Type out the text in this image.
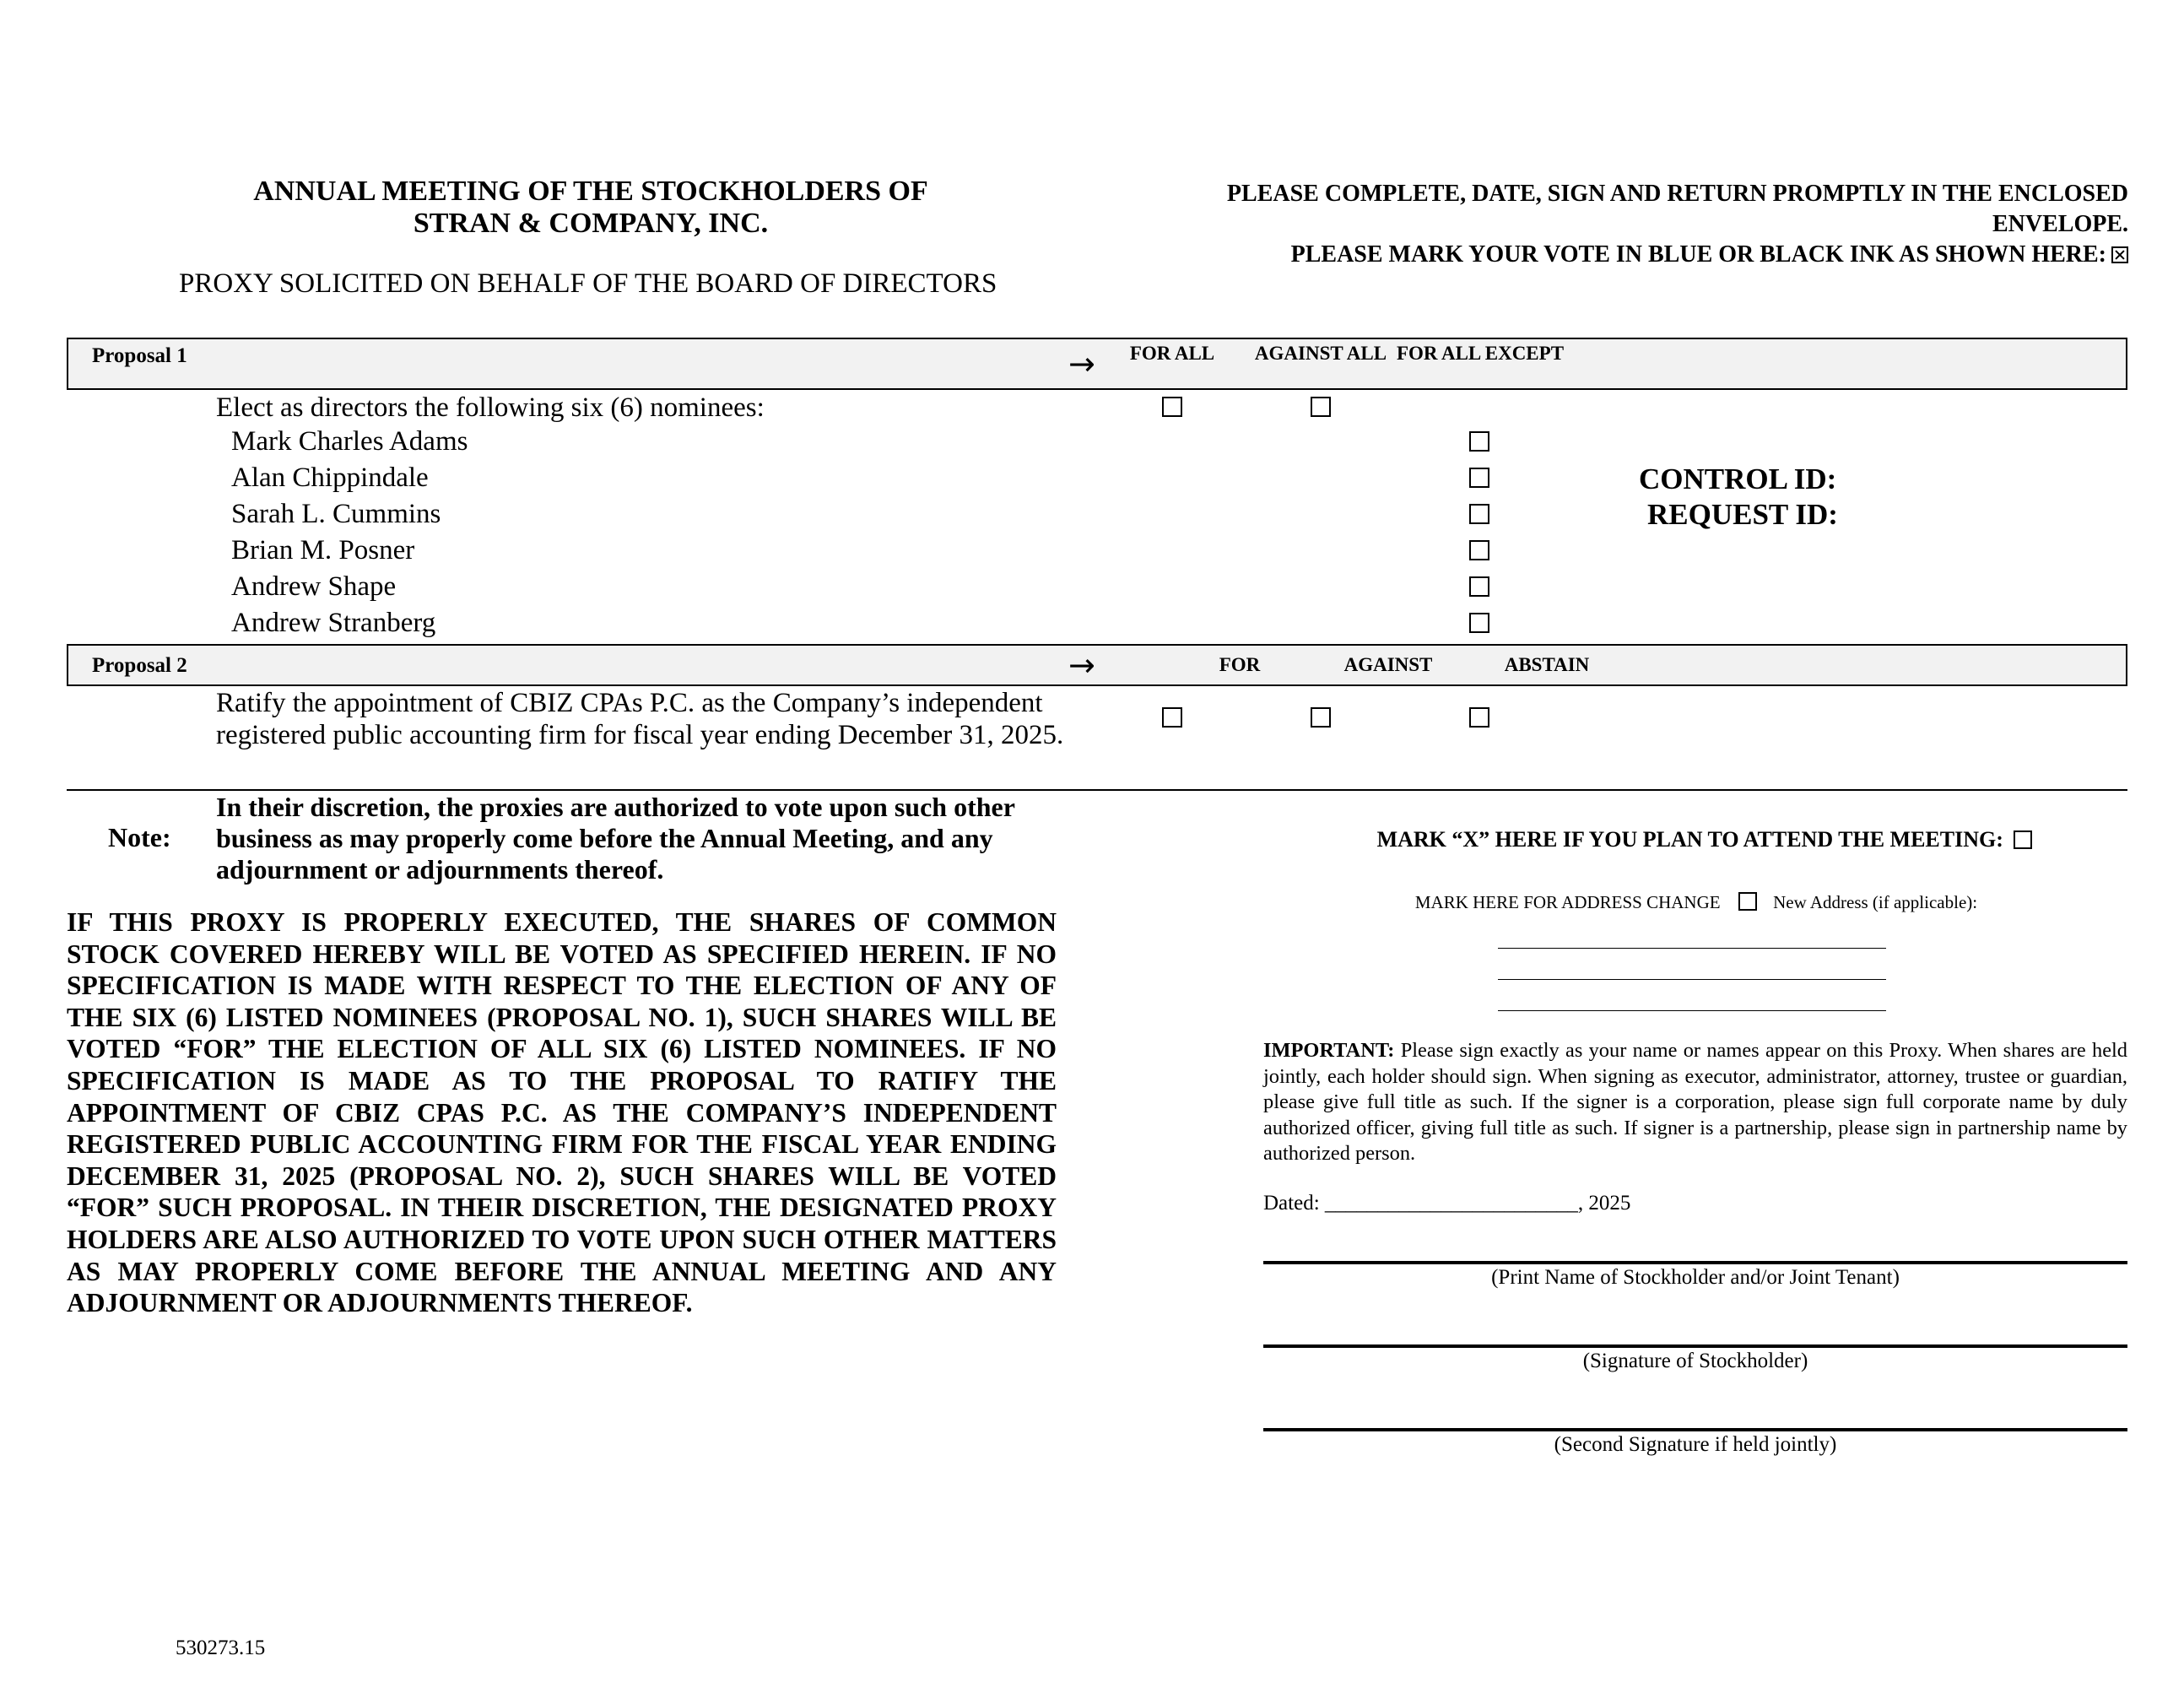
ANNUAL MEETING OF THE STOCKHOLDERS OF
STRAN & COMPANY, INC.
PLEASE COMPLETE, DATE, SIGN AND RETURN PROMPTLY IN THE ENCLOSED ENVELOPE.
PLEASE MARK YOUR VOTE IN BLUE OR BLACK INK AS SHOWN HERE:
PROXY SOLICITED ON BEHALF OF THE BOARD OF DIRECTORS
Proposal 1	→	FOR ALL	AGAINST ALL FOR ALL EXCEPT
Elect as directors the following six (6) nominees:
Mark Charles Adams
Alan Chippindale
Sarah L. Cummins
Brian M. Posner
Andrew Shape
Andrew Stranberg
CONTROL ID:
REQUEST ID:
Proposal 2	→	FOR	AGAINST	ABSTAIN
Ratify the appointment of CBIZ CPAs P.C. as the Company’s independent
registered public accounting firm for fiscal year ending December 31, 2025.
Note:
In their discretion, the proxies are authorized to vote upon such other business as may properly come before the Annual Meeting, and any adjournment or adjournments thereof.
IF THIS PROXY IS PROPERLY EXECUTED, THE SHARES OF COMMON STOCK COVERED HEREBY WILL BE VOTED AS SPECIFIED HEREIN. IF NO SPECIFICATION IS MADE WITH RESPECT TO THE ELECTION OF ANY OF THE SIX (6) LISTED NOMINEES (PROPOSAL NO. 1), SUCH SHARES WILL BE VOTED “FOR” THE ELECTION OF ALL SIX (6) LISTED NOMINEES. IF NO SPECIFICATION IS MADE AS TO THE PROPOSAL TO RATIFY THE APPOINTMENT OF CBIZ CPAS P.C. AS THE COMPANY’S INDEPENDENT REGISTERED PUBLIC ACCOUNTING FIRM FOR THE FISCAL YEAR ENDING DECEMBER 31, 2025 (PROPOSAL NO. 2), SUCH SHARES WILL BE VOTED “FOR” SUCH PROPOSAL. IN THEIR DISCRETION, THE DESIGNATED PROXY HOLDERS ARE ALSO AUTHORIZED TO VOTE UPON SUCH OTHER MATTERS AS MAY PROPERLY COME BEFORE THE ANNUAL MEETING AND ANY ADJOURNMENT OR ADJOURNMENTS THEREOF.
MARK “X” HERE IF YOU PLAN TO ATTEND THE MEETING:
MARK HERE FOR ADDRESS CHANGE	New Address (if applicable):
IMPORTANT: Please sign exactly as your name or names appear on this Proxy. When shares are held jointly, each holder should sign. When signing as executor, administrator, attorney, trustee or guardian, please give full title as such. If the signer is a corporation, please sign full corporate name by duly authorized officer, giving full title as such. If signer is a partnership, please sign in partnership name by authorized person.
Dated: ________________________, 2025
(Print Name of Stockholder and/or Joint Tenant)
(Signature of Stockholder)
(Second Signature if held jointly)
530273.15
